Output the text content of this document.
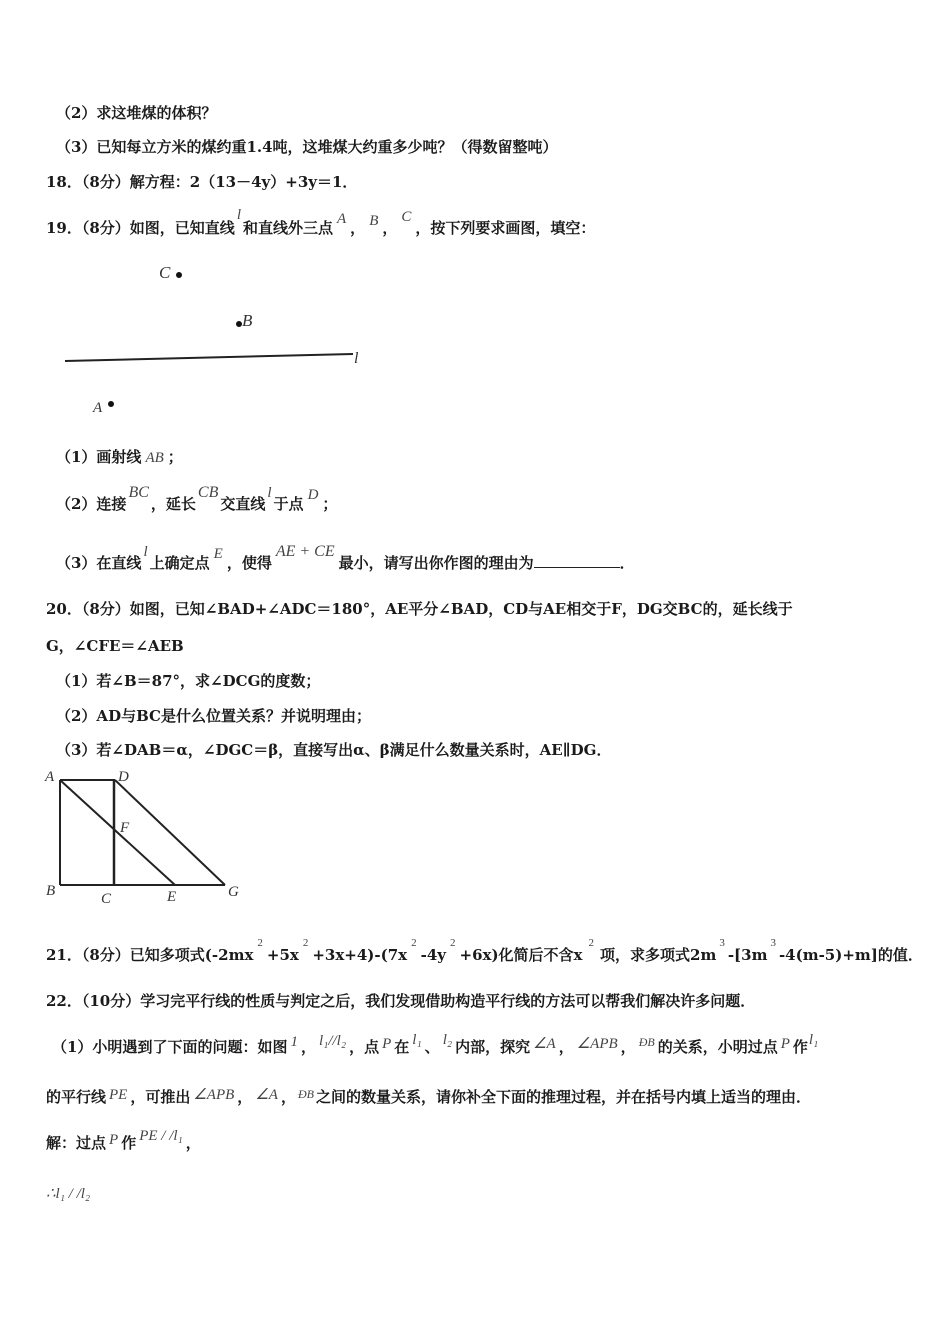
（2）求这堆煤的体积？
（3）已知每立方米的煤约重1.4吨，这堆煤大约重多少吨？（得数留整吨）
18．（8分）解方程：2（13－4y）+3y＝1．
19．（8分）如图，已知直线l和直线外三点 A ， B ，C，按下列要求画图，填空：
C
B
l
A
（1）画射线 AB ；
（2）连接BC，延长CB交直线l于点 D ；
（3）在直线l上确定点 E ，使得AE + CE最小，请写出你作图的理由为	．
20．（8分）如图，已知∠BAD+∠ADC＝180°，AE平分∠BAD，CD与AE相交于F，DG交BC的，延长线于
G，∠CFE＝∠AEB
（1）若∠B＝87°，求∠DCG的度数；
（2）AD与BC是什么位置关系？并说明理由；
（3）若∠DAB＝α，∠DGC＝β，直接写出α、β满足什么数量关系时，AE∥DG．
A	D
F
B	C	E	G
21．（8分）已知多项式(-2mx2+5x2+3x+4)-(7x2-4y2+6x)化简后不含x2项，求多项式2m3-[3m3-4(m-5)+m]的值．
22．（10分）学习完平行线的性质与判定之后，我们发现借助构造平行线的方法可以帮我们解决许多问题．
（1）小明遇到了下面的问题：如图 1 ， l₁//l₂ ，点 P 在 l₁ 、 l₂ 内部，探究 ∠A ， ∠APB ， ÐB 的关系，小明过点 P 作l₁
的平行线 PE ，可推出 ∠APB ， ∠A ， ÐB 之间的数量关系，请你补全下面的推理过程，并在括号内填上适当的理由．
解：过点 P 作 PE / /l₁ ，
∴l₁ / /l₂
